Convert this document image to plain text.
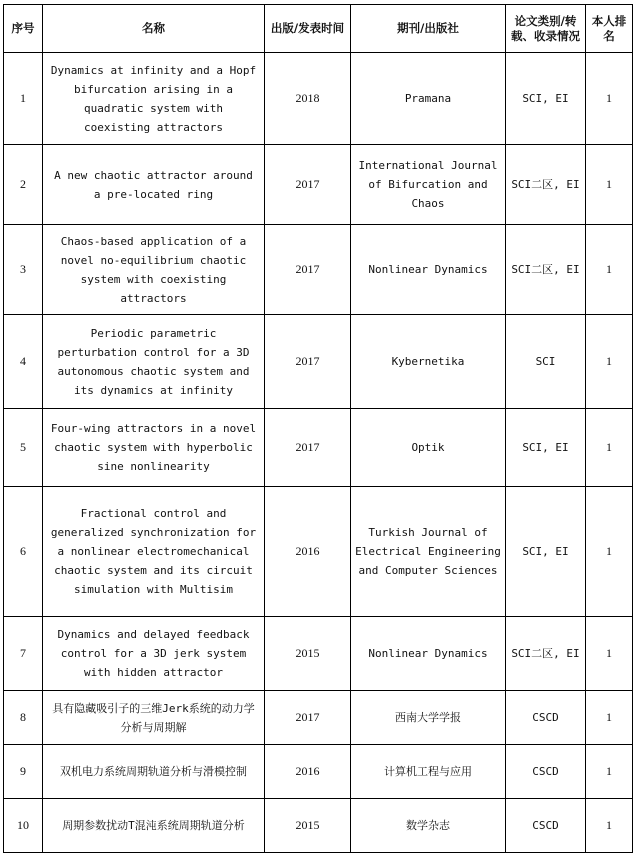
序号	名称	出版/发表时间	期刊/出版社	论文类别/转载、收录情况	本人排名
1	Dynamics at infinity and a Hopf bifurcation arising in a quadratic system with coexisting attractors	2018	Pramana	SCI, EI	1
2	A new chaotic attractor around a pre-located ring	2017	International Journal of Bifurcation and Chaos	SCI二区, EI	1
3	Chaos-based application of a novel no-equilibrium chaotic system with coexisting attractors	2017	Nonlinear Dynamics	SCI二区, EI	1
4	Periodic parametric perturbation control for a 3D autonomous chaotic system and its dynamics at infinity	2017	Kybernetika	SCI	1
5	Four-wing attractors in a novel chaotic system with hyperbolic sine nonlinearity	2017	Optik	SCI, EI	1
6	Fractional control and generalized synchronization for a nonlinear electromechanical chaotic system and its circuit simulation with Multisim	2016	Turkish Journal of Electrical Engineering and Computer Sciences	SCI, EI	1
7	Dynamics and delayed feedback control for a 3D jerk system with hidden attractor	2015	Nonlinear Dynamics	SCI二区, EI	1
8	具有隐藏吸引子的三维Jerk系统的动力学分析与周期解	2017	西南大学学报	CSCD	1
9	双机电力系统周期轨道分析与滑模控制	2016	计算机工程与应用	CSCD	1
10	周期参数扰动T混沌系统周期轨道分析	2015	数学杂志	CSCD	1
